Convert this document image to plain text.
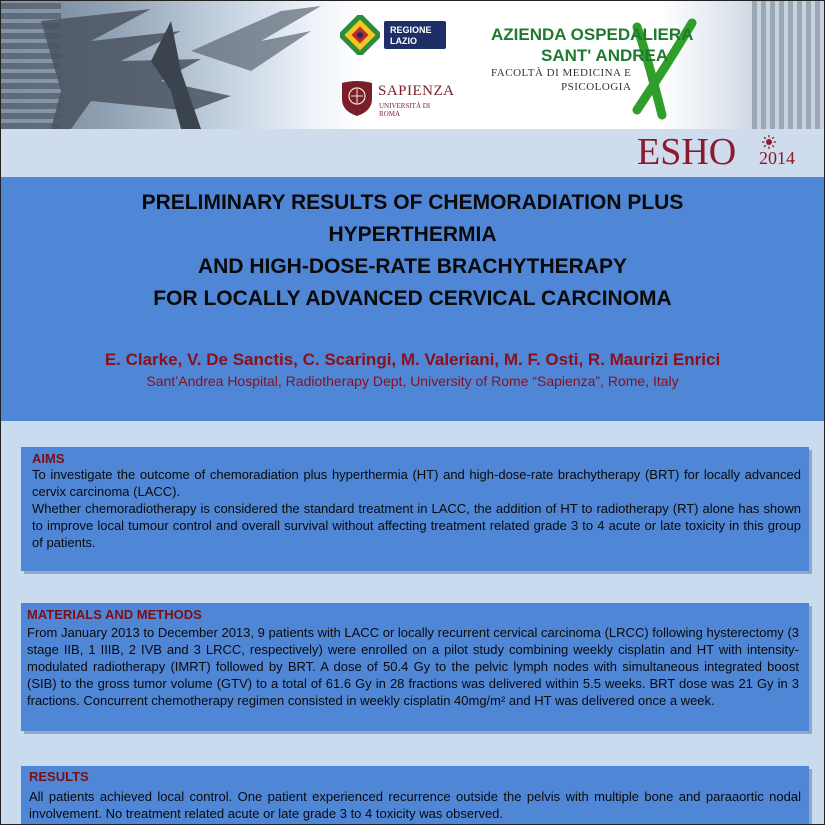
REGIONE
LAZIO
SAPIENZA
UNIVERSITÀ DI ROMA
AZIENDA OSPEDALIERA
SANT' ANDREA
FACOLTÀ DI MEDICINA E
PSICOLOGIA
ESHO 2014
PRELIMINARY RESULTS OF CHEMORADIATION PLUS
HYPERTHERMIA
AND HIGH-DOSE-RATE BRACHYTHERAPY
FOR LOCALLY ADVANCED CERVICAL CARCINOMA
E. Clarke, V. De Sanctis, C. Scaringi, M. Valeriani, M. F. Osti, R. Maurizi Enrici
Sant’Andrea Hospital, Radiotherapy Dept, University of Rome “Sapienza”, Rome, Italy
AIMS

To investigate the outcome of chemoradiation plus hyperthermia (HT) and high-dose-rate brachytherapy (BRT) for locally advanced cervix carcinoma (LACC).

Whether chemoradiotherapy is considered the standard treatment in LACC, the addition of HT to radiotherapy (RT) alone has shown to improve local tumour control and overall survival without affecting treatment related grade 3 to 4 acute or late toxicity in this group of patients.

MATERIALS AND METHODS

From January 2013 to December 2013, 9 patients with LACC or locally recurrent cervical carcinoma (LRCC) following hysterectomy (3 stage IIB, 1 IIIB, 2 IVB and 3 LRCC, respectively) were enrolled on a pilot study combining weekly cisplatin and HT with intensity-modulated radiotherapy (IMRT) followed by BRT. A dose of 50.4 Gy to the pelvic lymph nodes with simultaneous integrated boost (SIB) to the gross tumor volume (GTV) to a total of 61.6 Gy in 28 fractions was delivered within 5.5 weeks. BRT dose was 21 Gy in 3 fractions. Concurrent chemotherapy regimen consisted in weekly cisplatin 40mg/m² and HT was delivered once a week.

RESULTS

All patients achieved local control. One patient experienced recurrence outside the pelvis with multiple bone and paraaortic nodal involvement. No treatment related acute or late grade 3 to 4 toxicity was observed.
